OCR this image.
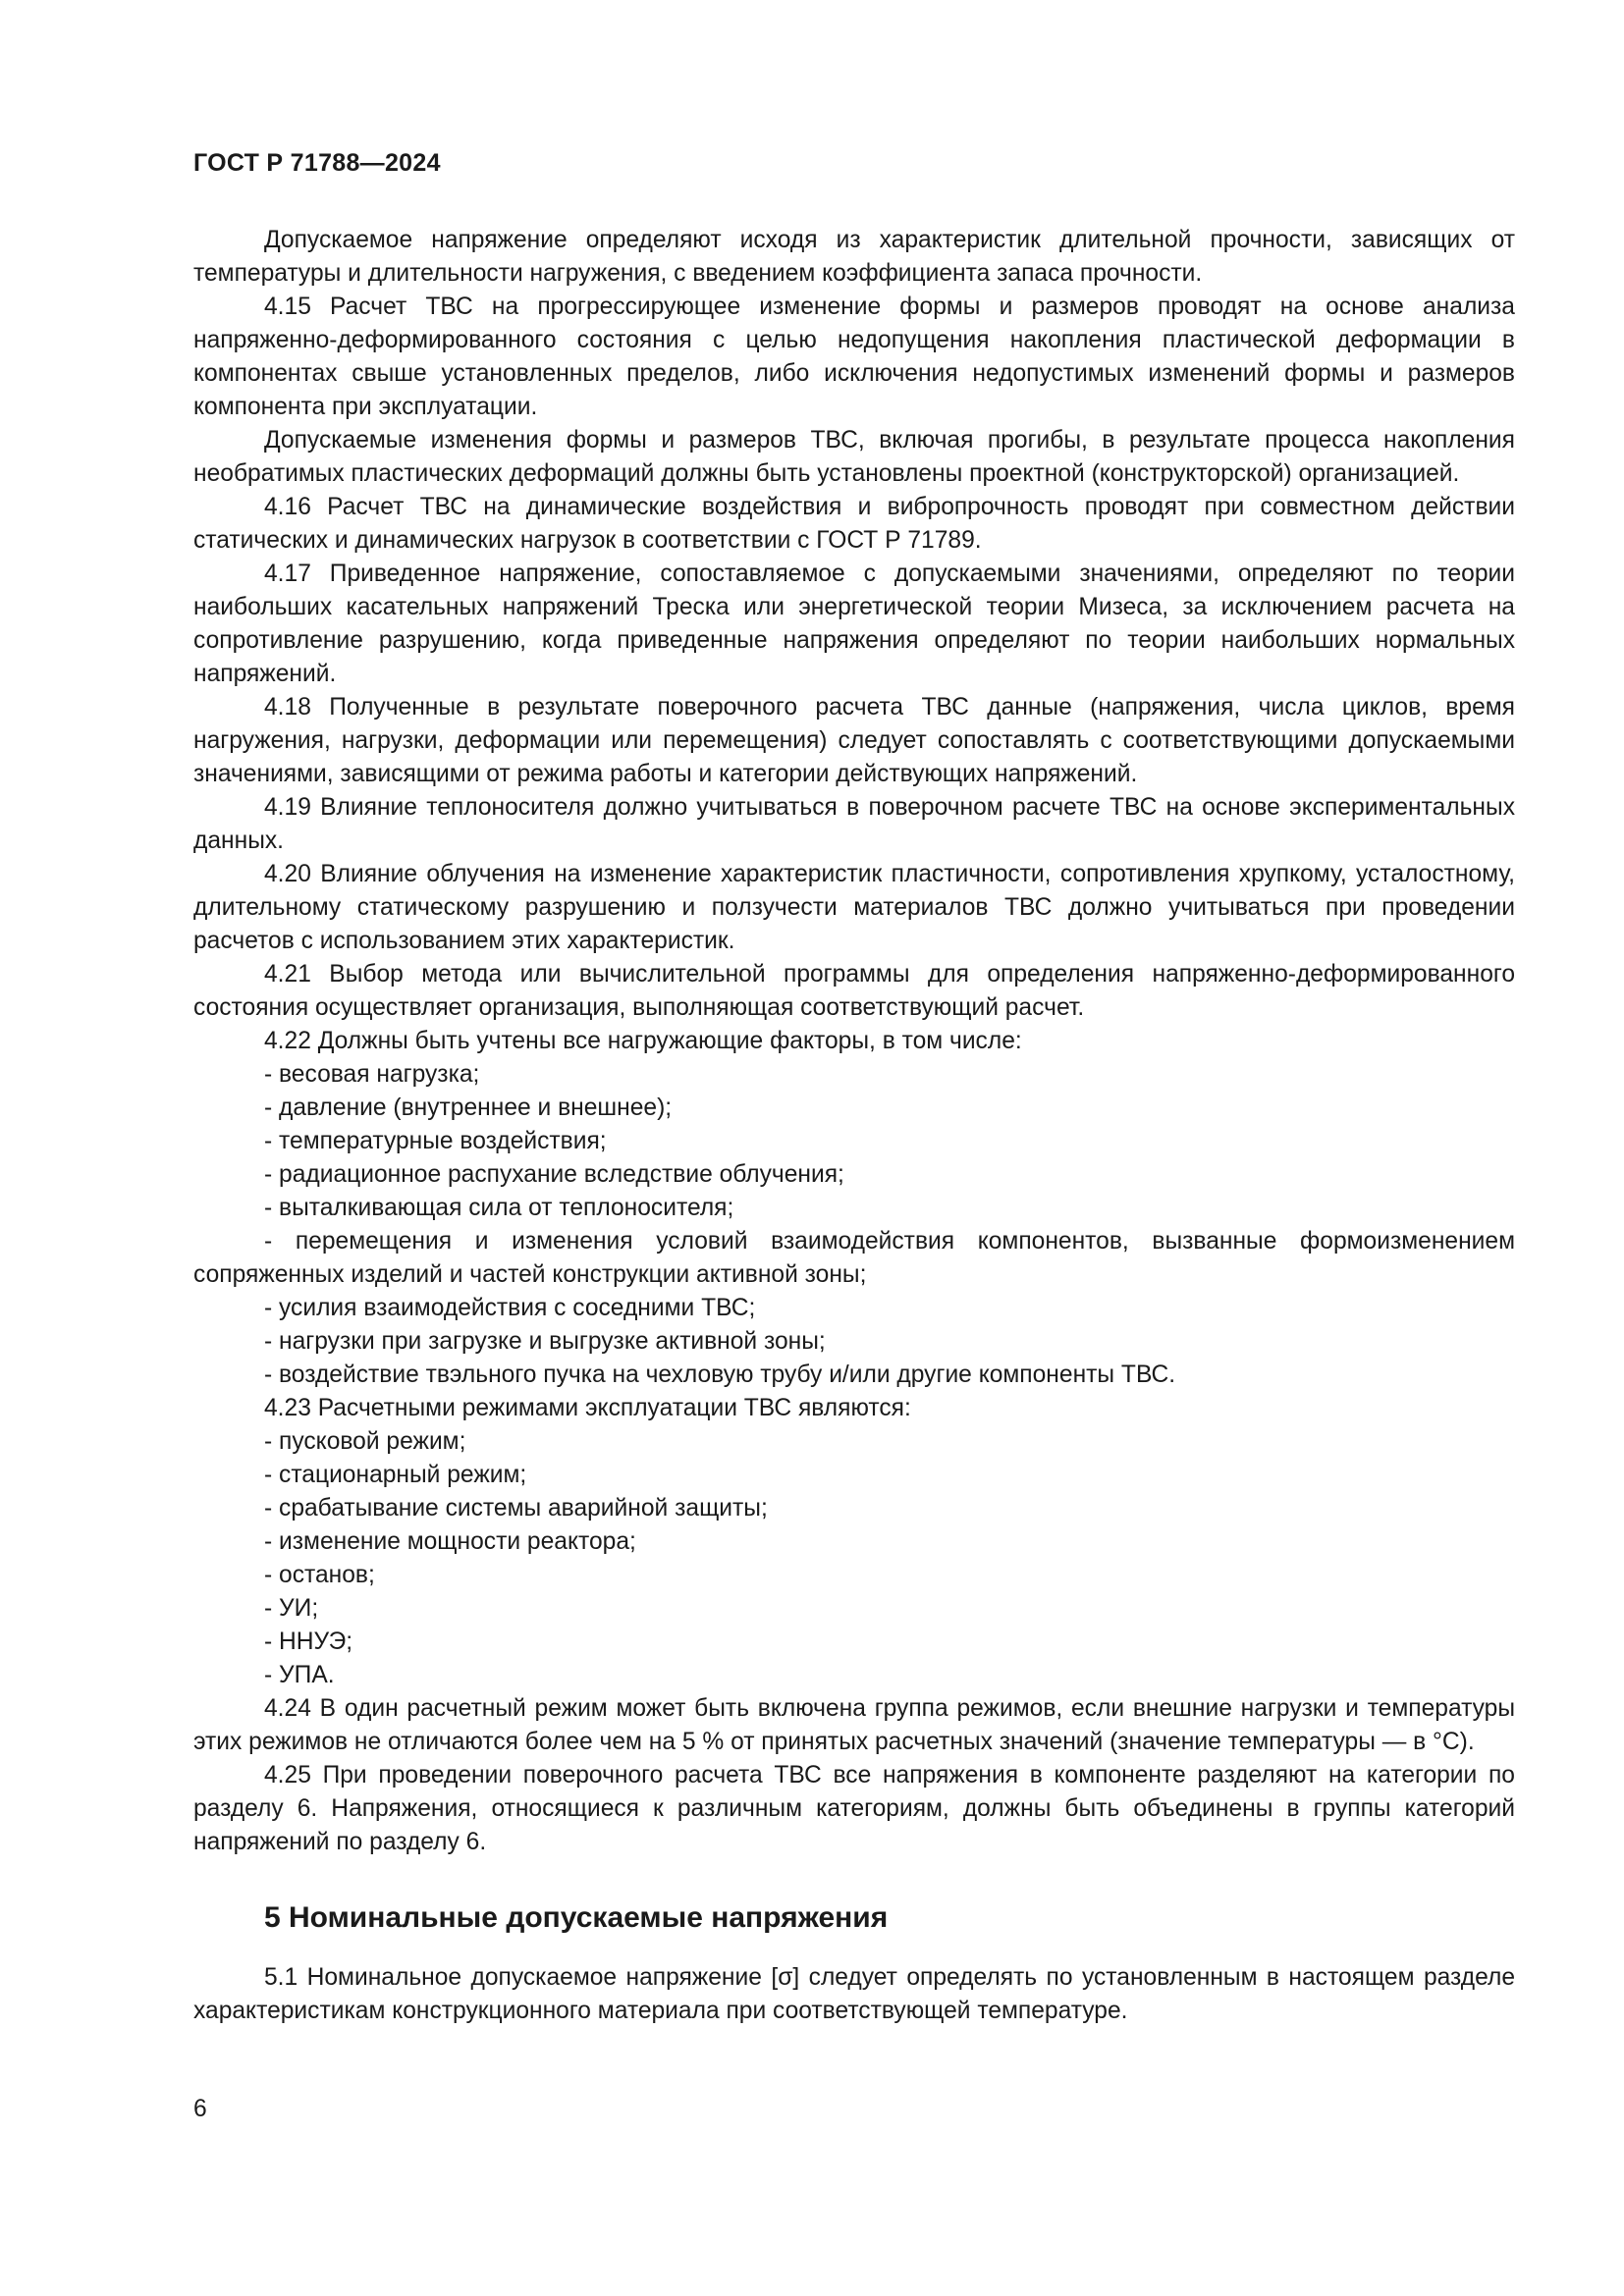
ГОСТ Р 71788—2024

Допускаемое напряжение определяют исходя из характеристик длительной прочности, зависящих от температуры и длительности нагружения, с введением коэффициента запаса прочности.

4.15 Расчет ТВС на прогрессирующее изменение формы и размеров проводят на основе анализа напряженно-деформированного состояния с целью недопущения накопления пластической деформации в компонентах свыше установленных пределов, либо исключения недопустимых изменений формы и размеров компонента при эксплуатации.

Допускаемые изменения формы и размеров ТВС, включая прогибы, в результате процесса накопления необратимых пластических деформаций должны быть установлены проектной (конструкторской) организацией.

4.16 Расчет ТВС на динамические воздействия и вибропрочность проводят при совместном действии статических и динамических нагрузок в соответствии с ГОСТ Р 71789.

4.17 Приведенное напряжение, сопоставляемое с допускаемыми значениями, определяют по теории наибольших касательных напряжений Треска или энергетической теории Мизеса, за исключением расчета на сопротивление разрушению, когда приведенные напряжения определяют по теории наибольших нормальных напряжений.

4.18 Полученные в результате поверочного расчета ТВС данные (напряжения, числа циклов, время нагружения, нагрузки, деформации или перемещения) следует сопоставлять с соответствующими допускаемыми значениями, зависящими от режима работы и категории действующих напряжений.

4.19 Влияние теплоносителя должно учитываться в поверочном расчете ТВС на основе экспериментальных данных.

4.20 Влияние облучения на изменение характеристик пластичности, сопротивления хрупкому, усталостному, длительному статическому разрушению и ползучести материалов ТВС должно учитываться при проведении расчетов с использованием этих характеристик.

4.21 Выбор метода или вычислительной программы для определения напряженно-деформированного состояния осуществляет организация, выполняющая соответствующий расчет.

4.22 Должны быть учтены все нагружающие факторы, в том числе:

- весовая нагрузка;

- давление (внутреннее и внешнее);

- температурные воздействия;

- радиационное распухание вследствие облучения;

- выталкивающая сила от теплоносителя;

- перемещения и изменения условий взаимодействия компонентов, вызванные формоизменением сопряженных изделий и частей конструкции активной зоны;

- усилия взаимодействия с соседними ТВС;

- нагрузки при загрузке и выгрузке активной зоны;

- воздействие твэльного пучка на чехловую трубу и/или другие компоненты ТВС.

4.23 Расчетными режимами эксплуатации ТВС являются:

- пусковой режим;

- стационарный режим;

- срабатывание системы аварийной защиты;

- изменение мощности реактора;

- останов;

- УИ;

- ННУЭ;

- УПА.

4.24 В один расчетный режим может быть включена группа режимов, если внешние нагрузки и температуры этих режимов не отличаются более чем на 5 % от принятых расчетных значений (значение температуры — в °С).

4.25 При проведении поверочного расчета ТВС все напряжения в компоненте разделяют на категории по разделу 6. Напряжения, относящиеся к различным категориям, должны быть объединены в группы категорий напряжений по разделу 6.

5 Номинальные допускаемые напряжения

5.1 Номинальное допускаемое напряжение [σ] следует определять по установленным в настоящем разделе характеристикам конструкционного материала при соответствующей температуре.

6
